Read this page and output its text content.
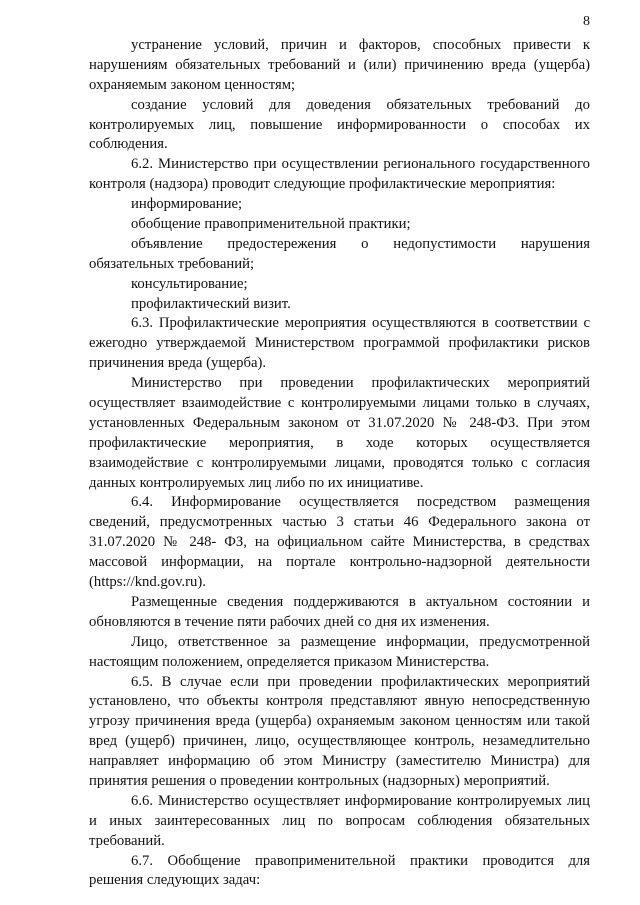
8

устранение условий, причин и факторов, способных привести к нарушениям обязательных требований и (или) причинению вреда (ущерба) охраняемым законом ценностям;

создание условий для доведения обязательных требований до контролируемых лиц, повышение информированности о способах их соблюдения.

6.2. Министерство при осуществлении регионального государственного контроля (надзора) проводит следующие профилактические мероприятия:

информирование;

обобщение правоприменительной практики;

объявление предостережения о недопустимости нарушения обязательных требований;

консультирование;

профилактический визит.

6.3. Профилактические мероприятия осуществляются в соответствии с ежегодно утверждаемой Министерством программой профилактики рисков причинения вреда (ущерба).

Министерство при проведении профилактических мероприятий осуществляет взаимодействие с контролируемыми лицами только в случаях, установленных Федеральным законом от 31.07.2020 № 248-ФЗ. При этом профилактические мероприятия, в ходе которых осуществляется взаимодействие с контролируемыми лицами, проводятся только с согласия данных контролируемых лиц либо по их инициативе.

6.4. Информирование осуществляется посредством размещения сведений, предусмотренных частью 3 статьи 46 Федерального закона от 31.07.2020 № 248- ФЗ, на официальном сайте Министерства, в средствах массовой информации, на портале контрольно-надзорной деятельности (https://knd.gov.ru).

Размещенные сведения поддерживаются в актуальном состоянии и обновляются в течение пяти рабочих дней со дня их изменения.

Лицо, ответственное за размещение информации, предусмотренной настоящим положением, определяется приказом Министерства.

6.5. В случае если при проведении профилактических мероприятий установлено, что объекты контроля представляют явную непосредственную угрозу причинения вреда (ущерба) охраняемым законом ценностям или такой вред (ущерб) причинен, лицо, осуществляющее контроль, незамедлительно направляет информацию об этом Министру (заместителю Министра) для принятия решения о проведении контрольных (надзорных) мероприятий.

6.6. Министерство осуществляет информирование контролируемых лиц и иных заинтересованных лиц по вопросам соблюдения обязательных требований.

6.7. Обобщение правоприменительной практики проводится для решения следующих задач:
